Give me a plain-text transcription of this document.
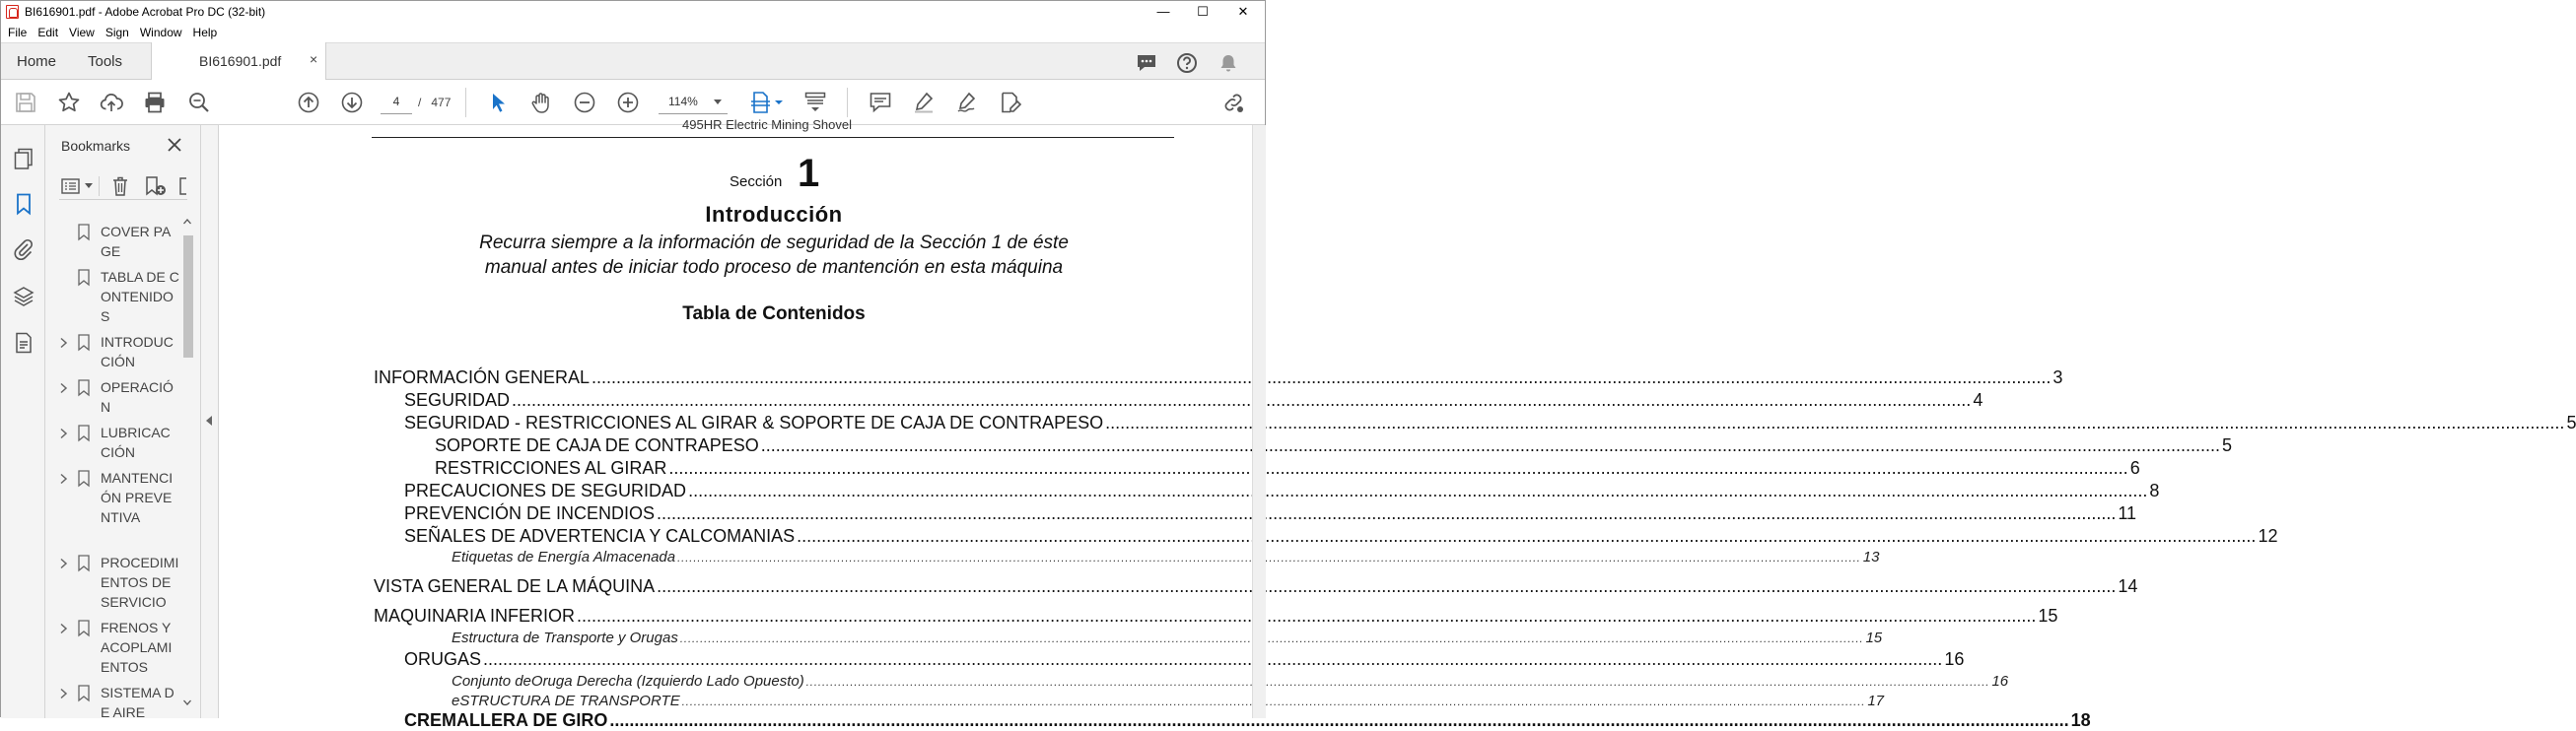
BI616901.pdf - Adobe Acrobat Pro DC (32-bit)	—	☐	✕
File Edit View Sign Window Help
Home Tools	BI616901.pdf ×
4	/ 477	114%
Bookmarks
COVER PAGE
TABLA DE CONTENIDOS
INTRODUCCIÓN
OPERACIÓN
LUBRICACCIÓN
MANTENCIÓN PREVENTIVA
PROCEDIMIENTOS DE SERVICIO
FRENOS Y ACOPLAMIENTOS
SISTEMA DE AIRE
495HR Electric Mining Shovel
Sección 1
Introducción
Recurra siempre a la información de seguridad de la Sección 1 de éste
manual antes de iniciar todo proceso de mantención en esta máquina
Tabla de Contenidos
INFORMACIÓN GENERAL .....	3
SEGURIDAD .....	4
SEGURIDAD - RESTRICCIONES AL GIRAR & SOPORTE DE CAJA DE CONTRAPESO .....	5
SOPORTE DE CAJA DE CONTRAPESO .....	5
RESTRICCIONES AL GIRAR .....	6
PRECAUCIONES DE SEGURIDAD .....	8
PREVENCIÓN DE INCENDIOS .....	11
SEÑALES DE ADVERTENCIA Y CALCOMANIAS .....	12
Etiquetas de Energía Almacenada .....	13
VISTA GENERAL DE LA MÁQUINA .....	14
MAQUINARIA INFERIOR .....	15
Estructura de Transporte y Orugas .....	15
ORUGAS .....	16
Conjunto deOruga Derecha (Izquierdo Lado Opuesto) .....	16
eSTRUCTURA DE TRANSPORTE .....	17
CREMALLERA DE GIRO .....	18
